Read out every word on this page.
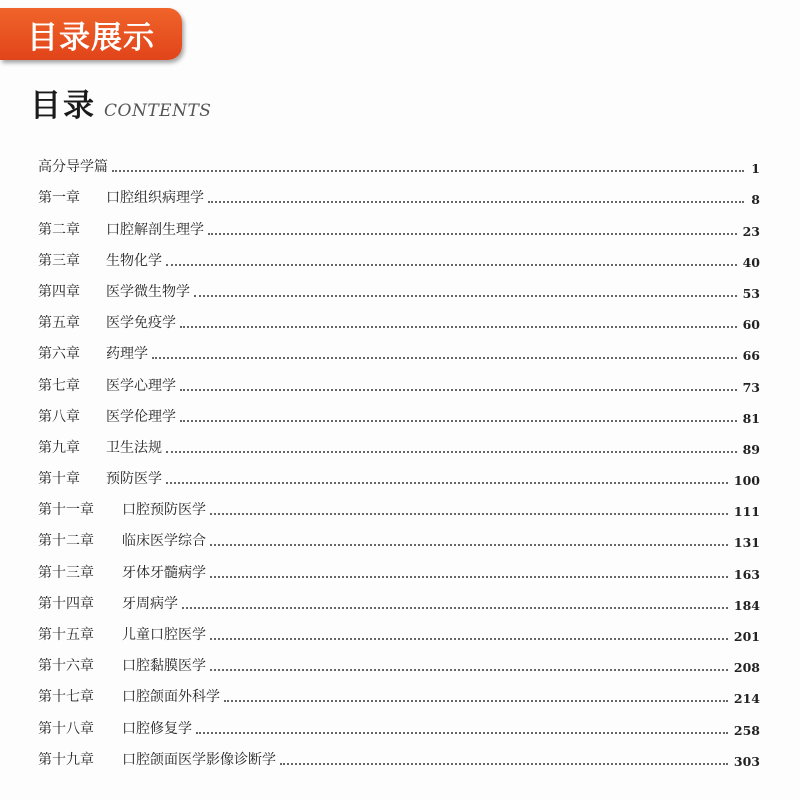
目录展示
目录 CONTENTS
高分导学篇	1
第一章 口腔组织病理学	8
第二章 口腔解剖生理学	23
第三章 生物化学	40
第四章 医学微生物学	53
第五章 医学免疫学	60
第六章 药理学	66
第七章 医学心理学	73
第八章 医学伦理学	81
第九章 卫生法规	89
第十章 预防医学	100
第十一章 口腔预防医学	111
第十二章 临床医学综合	131
第十三章 牙体牙髓病学	163
第十四章 牙周病学	184
第十五章 儿童口腔医学	201
第十六章 口腔黏膜医学	208
第十七章 口腔颌面外科学	214
第十八章 口腔修复学	258
第十九章 口腔颌面医学影像诊断学	303
